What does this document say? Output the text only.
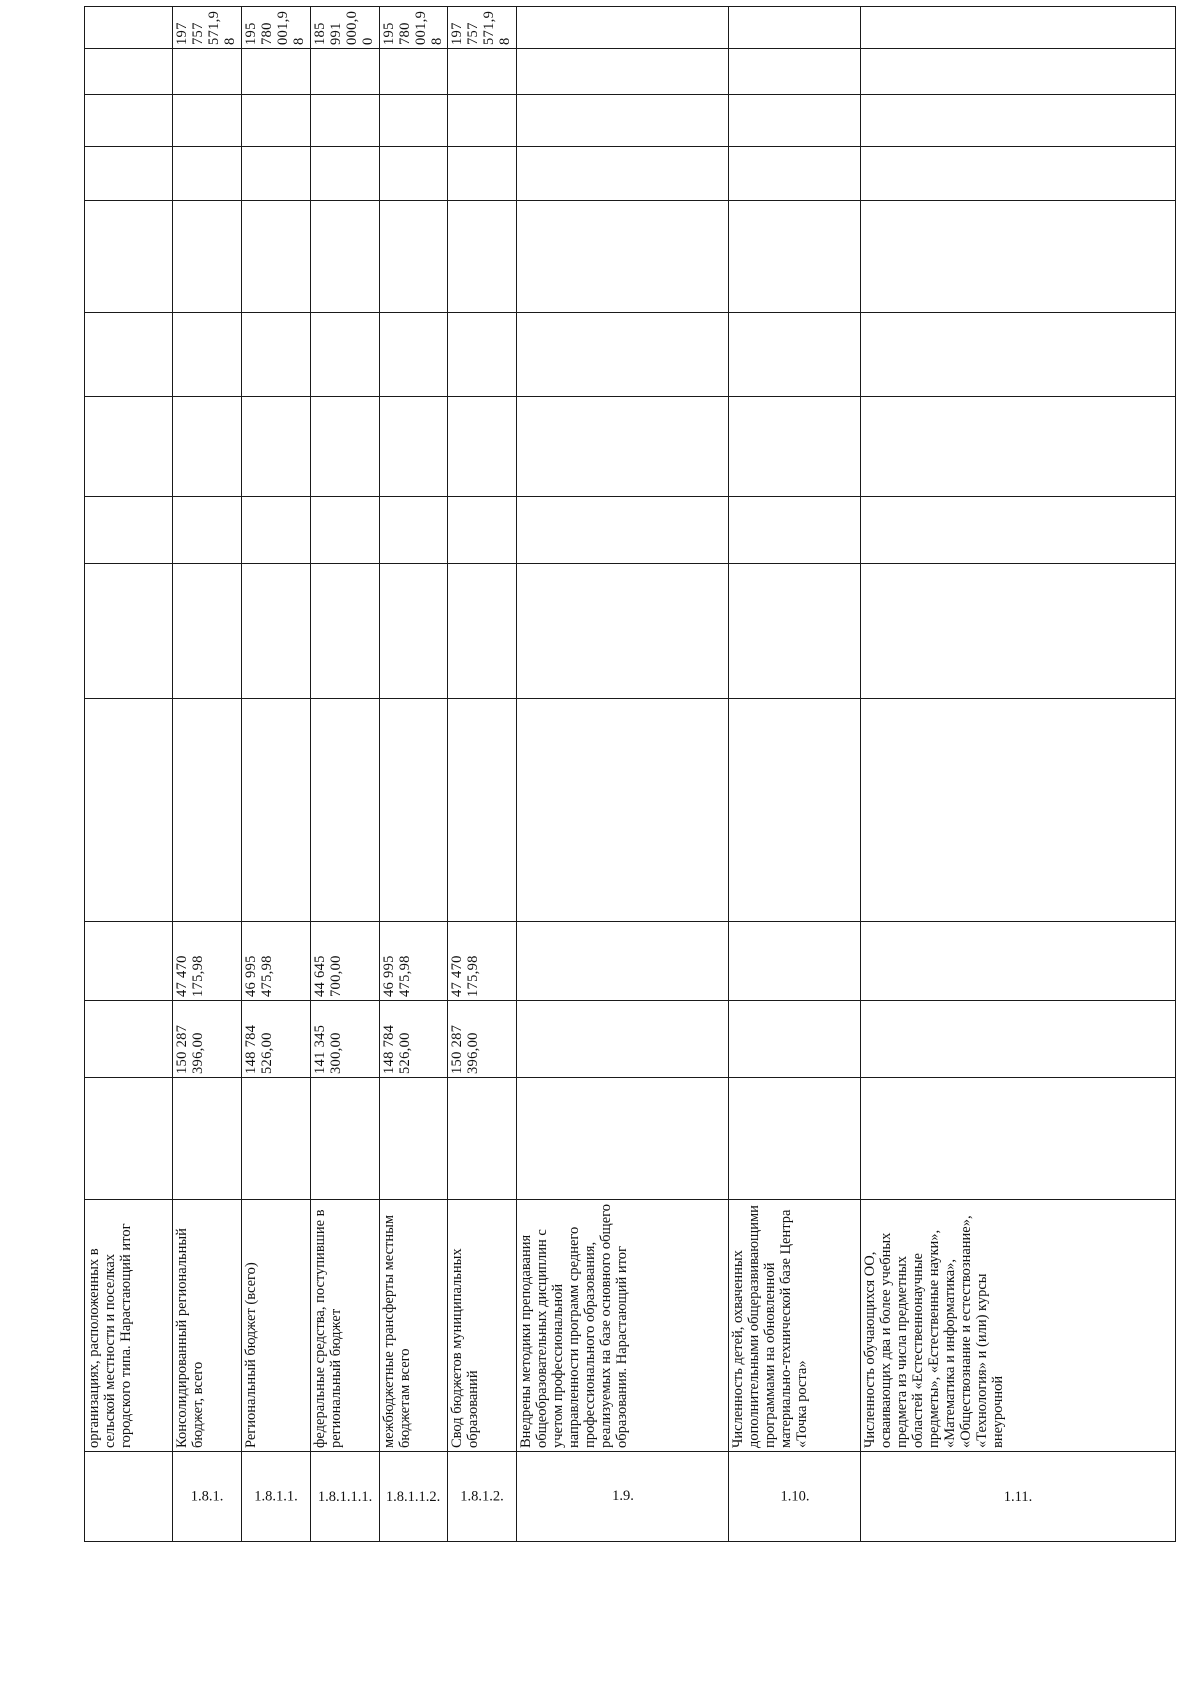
	организациях, расположенных в сельской местности и поселках городского типа. Нарастающий итог													
1.8.1.	Консолидированный региональный бюджет, всего		150 287 396,00	47 470 175,98										197 757 571,98
1.8.1.1.	Региональный бюджет (всего)		148 784 526,00	46 995 475,98										195 780 001,98
1.8.1.1.1.	федеральные средства, поступившие в региональный бюджет		141 345 300,00	44 645 700,00										185 991 000,00
1.8.1.1.2.	межбюджетные трансферты местным бюджетам всего		148 784 526,00	46 995 475,98										195 780 001,98
1.8.1.2.	Свод бюджетов муниципальных образований		150 287 396,00	47 470 175,98										197 757 571,98
1.9.	Внедрены методики преподавания общеобразовательных дисциплин с учетом профессиональной направленности программ среднего профессионального образования, реализуемых на базе основного общего образования. Нарастающий итог													
1.10.	Численность детей, охваченных дополнительными общеразвивающими программами на обновленной материально-технической базе Центра «Точка роста»													
1.11.	Численность обучающихся ОО, осваивающих два и более учебных предмета из числа предметных областей «Естественнонаучные предметы», «Естественные науки», «Математика и информатика», «Обществознание и естествознание», «Технология» и (или) курсы внеурочной													
